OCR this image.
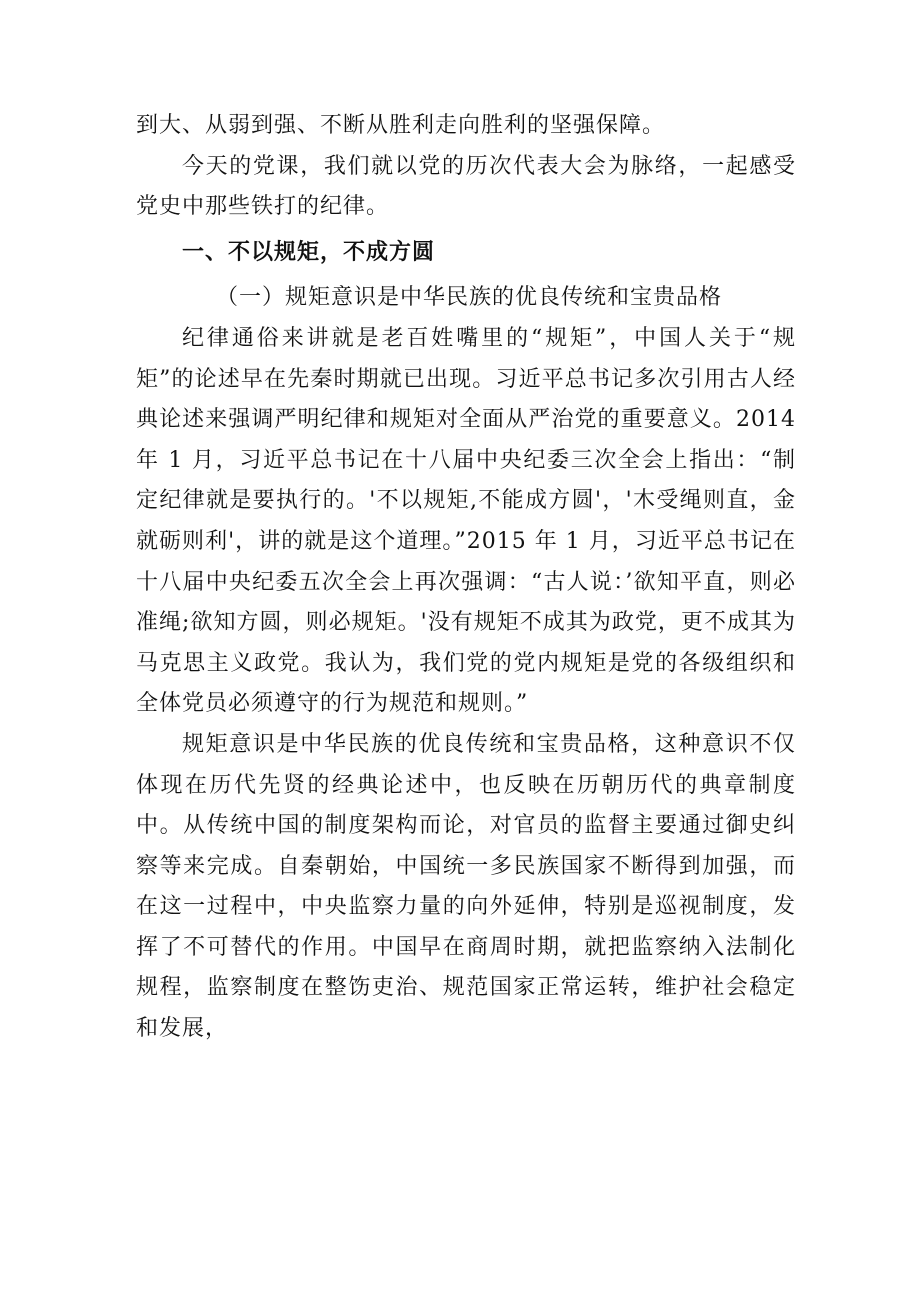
到大、从弱到强、不断从胜利走向胜利的坚强保障。

今天的党课，我们就以党的历次代表大会为脉络，一起感受党史中那些铁打的纪律。

一、不以规矩，不成方圆

（一）规矩意识是中华民族的优良传统和宝贵品格

纪律通俗来讲就是老百姓嘴里的“规矩”，中国人关于“规矩”的论述早在先秦时期就已出现。习近平总书记多次引用古人经典论述来强调严明纪律和规矩对全面从严治党的重要意义。2014 年 1 月，习近平总书记在十八届中央纪委三次全会上指出：“制定纪律就是要执行的。'不以规矩,不能成方圆'，'木受绳则直，金就砺则利'，讲的就是这个道理。”2015 年 1 月，习近平总书记在十八届中央纪委五次全会上再次强调：“古人说：’欲知平直，则必准绳;欲知方圆，则必规矩。'没有规矩不成其为政党，更不成其为马克思主义政党。我认为，我们党的党内规矩是党的各级组织和全体党员必须遵守的行为规范和规则。”

规矩意识是中华民族的优良传统和宝贵品格，这种意识不仅体现在历代先贤的经典论述中，也反映在历朝历代的典章制度中。从传统中国的制度架构而论，对官员的监督主要通过御史纠察等来完成。自秦朝始，中国统一多民族国家不断得到加强，而在这一过程中，中央监察力量的向外延伸，特别是巡视制度，发挥了不可替代的作用。中国早在商周时期，就把监察纳入法制化规程，监察制度在整饬吏治、规范国家正常运转，维护社会稳定和发展，
